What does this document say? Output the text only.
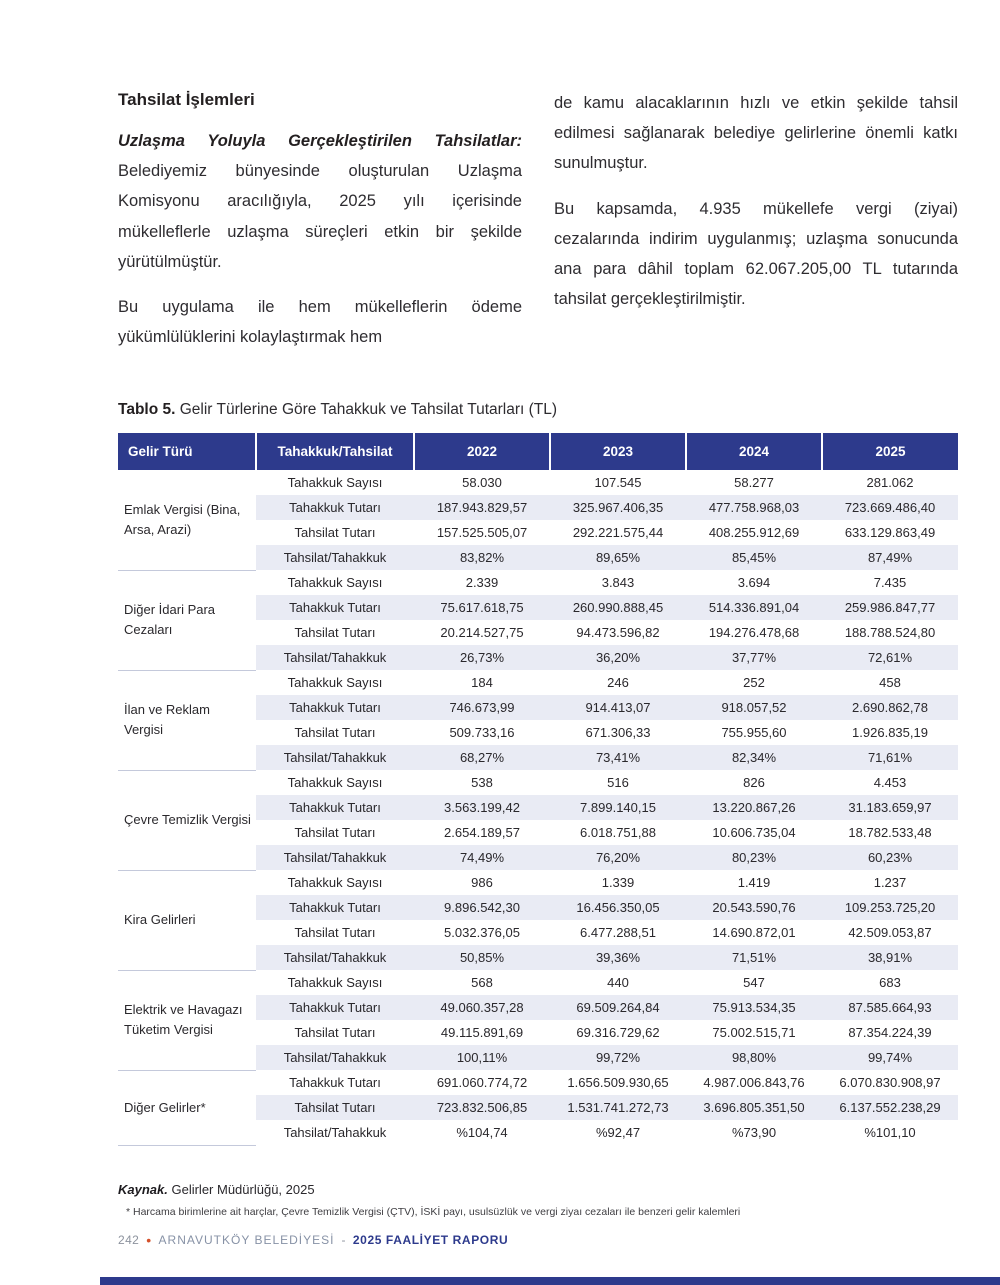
Tahsilat İşlemleri

Uzlaşma Yoluyla Gerçekleştirilen Tahsilatlar: Belediyemiz bünyesinde oluşturulan Uzlaşma Komisyonu aracılığıyla, 2025 yılı içerisinde mükelleflerle uzlaşma süreçleri etkin bir şekilde yürütülmüştür.

Bu uygulama ile hem mükelleflerin ödeme yükümlülüklerini kolaylaştırmak hem

de kamu alacaklarının hızlı ve etkin şekilde tahsil edilmesi sağlanarak belediye gelirlerine önemli katkı sunulmuştur.

Bu kapsamda, 4.935 mükellefe vergi (ziyai) cezalarında indirim uygulanmış; uzlaşma sonucunda ana para dâhil toplam 62.067.205,00 TL tutarında tahsilat gerçekleştirilmiştir.

Tablo 5. Gelir Türlerine Göre Tahakkuk ve Tahsilat Tutarları (TL)
Gelir Türü	Tahakkuk/Tahsilat	2022	2023	2024	2025
Emlak Vergisi (Bina, Arsa, Arazi)	Tahakkuk Sayısı	58.030	107.545	58.277	281.062
	Tahakkuk Tutarı	187.943.829,57	325.967.406,35	477.758.968,03	723.669.486,40
	Tahsilat Tutarı	157.525.505,07	292.221.575,44	408.255.912,69	633.129.863,49
	Tahsilat/Tahakkuk	83,82%	89,65%	85,45%	87,49%
Diğer İdari Para Cezaları	Tahakkuk Sayısı	2.339	3.843	3.694	7.435
	Tahakkuk Tutarı	75.617.618,75	260.990.888,45	514.336.891,04	259.986.847,77
	Tahsilat Tutarı	20.214.527,75	94.473.596,82	194.276.478,68	188.788.524,80
	Tahsilat/Tahakkuk	26,73%	36,20%	37,77%	72,61%
İlan ve Reklam Vergisi	Tahakkuk Sayısı	184	246	252	458
	Tahakkuk Tutarı	746.673,99	914.413,07	918.057,52	2.690.862,78
	Tahsilat Tutarı	509.733,16	671.306,33	755.955,60	1.926.835,19
	Tahsilat/Tahakkuk	68,27%	73,41%	82,34%	71,61%
Çevre Temizlik Vergisi	Tahakkuk Sayısı	538	516	826	4.453
	Tahakkuk Tutarı	3.563.199,42	7.899.140,15	13.220.867,26	31.183.659,97
	Tahsilat Tutarı	2.654.189,57	6.018.751,88	10.606.735,04	18.782.533,48
	Tahsilat/Tahakkuk	74,49%	76,20%	80,23%	60,23%
Kira Gelirleri	Tahakkuk Sayısı	986	1.339	1.419	1.237
	Tahakkuk Tutarı	9.896.542,30	16.456.350,05	20.543.590,76	109.253.725,20
	Tahsilat Tutarı	5.032.376,05	6.477.288,51	14.690.872,01	42.509.053,87
	Tahsilat/Tahakkuk	50,85%	39,36%	71,51%	38,91%
Elektrik ve Havagazı Tüketim Vergisi	Tahakkuk Sayısı	568	440	547	683
	Tahakkuk Tutarı	49.060.357,28	69.509.264,84	75.913.534,35	87.585.664,93
	Tahsilat Tutarı	49.115.891,69	69.316.729,62	75.002.515,71	87.354.224,39
	Tahsilat/Tahakkuk	100,11%	99,72%	98,80%	99,74%
Diğer Gelirler*	Tahakkuk Tutarı	691.060.774,72	1.656.509.930,65	4.987.006.843,76	6.070.830.908,97
	Tahsilat Tutarı	723.832.506,85	1.531.741.272,73	3.696.805.351,50	6.137.552.238,29
	Tahsilat/Tahakkuk	%104,74	%92,47	%73,90	%101,10
Kaynak. Gelirler Müdürlüğü, 2025
* Harcama birimlerine ait harçlar, Çevre Temizlik Vergisi (ÇTV), İSKİ payı, usulsüzlük ve vergi ziyaı cezaları ile benzeri gelir kalemleri
242 • ARNAVUTKÖY BELEDİYESİ - 2025 FAALİYET RAPORU
